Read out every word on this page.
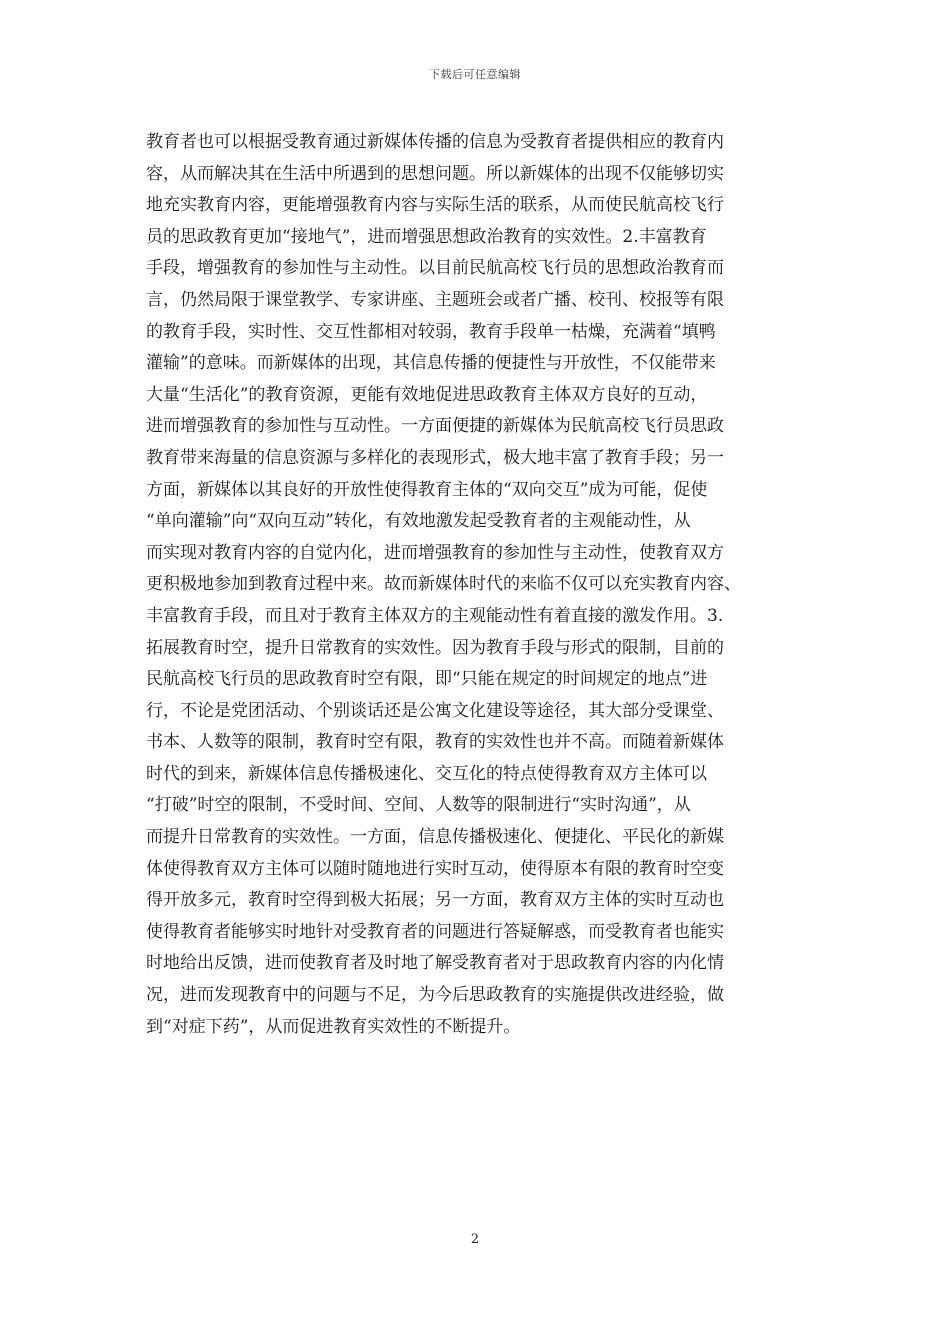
下载后可任意编辑
教育者也可以根据受教育通过新媒体传播的信息为受教育者提供相应的教育内
容，从而解决其在生活中所遇到的思想问题。所以新媒体的出现不仅能够切实
地充实教育内容，更能增强教育内容与实际生活的联系，从而使民航高校飞行
员的思政教育更加“接地气”，进而增强思想政治教育的实效性。2.丰富教育
手段，增强教育的参加性与主动性。以目前民航高校飞行员的思想政治教育而
言，仍然局限于课堂教学、专家讲座、主题班会或者广播、校刊、校报等有限
的教育手段，实时性、交互性都相对较弱，教育手段单一枯燥，充满着“填鸭
灌输”的意味。而新媒体的出现，其信息传播的便捷性与开放性，不仅能带来
大量“生活化”的教育资源，更能有效地促进思政教育主体双方良好的互动，
进而增强教育的参加性与互动性。一方面便捷的新媒体为民航高校飞行员思政
教育带来海量的信息资源与多样化的表现形式，极大地丰富了教育手段；另一
方面，新媒体以其良好的开放性使得教育主体的“双向交互”成为可能，促使
“单向灌输”向“双向互动”转化，有效地激发起受教育者的主观能动性，从
而实现对教育内容的自觉内化，进而增强教育的参加性与主动性，使教育双方
更积极地参加到教育过程中来。故而新媒体时代的来临不仅可以充实教育内容、
丰富教育手段，而且对于教育主体双方的主观能动性有着直接的激发作用。3.
拓展教育时空，提升日常教育的实效性。因为教育手段与形式的限制，目前的
民航高校飞行员的思政教育时空有限，即“只能在规定的时间规定的地点”进
行，不论是党团活动、个别谈话还是公寓文化建设等途径，其大部分受课堂、
书本、人数等的限制，教育时空有限，教育的实效性也并不高。而随着新媒体
时代的到来，新媒体信息传播极速化、交互化的特点使得教育双方主体可以
“打破”时空的限制，不受时间、空间、人数等的限制进行“实时沟通”，从
而提升日常教育的实效性。一方面，信息传播极速化、便捷化、平民化的新媒
体使得教育双方主体可以随时随地进行实时互动，使得原本有限的教育时空变
得开放多元，教育时空得到极大拓展；另一方面，教育双方主体的实时互动也
使得教育者能够实时地针对受教育者的问题进行答疑解惑，而受教育者也能实
时地给出反馈，进而使教育者及时地了解受教育者对于思政教育内容的内化情
况，进而发现教育中的问题与不足，为今后思政教育的实施提供改进经验，做
到“对症下药”，从而促进教育实效性的不断提升。
2
